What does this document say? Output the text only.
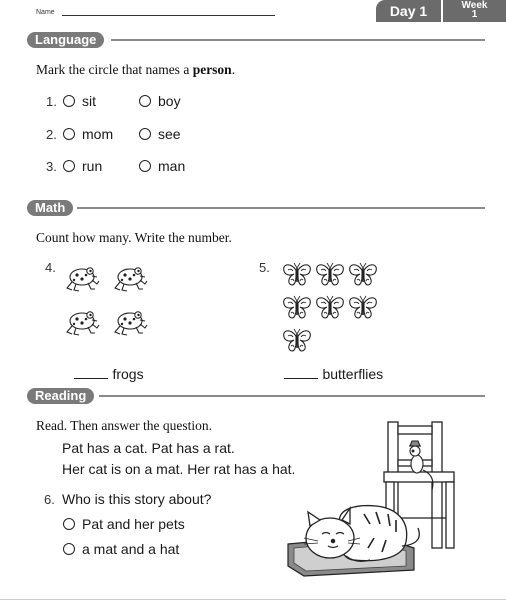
Name	Day 1	Week
1
Language
Mark the circle that names a person.
1. sit	boy
2. mom	see
3. run	man
Math
Count how many. Write the number.
4.	5.
frogs	butterflies
Reading
Read. Then answer the question.
Pat has a cat. Pat has a rat.
Her cat is on a mat. Her rat has a hat.
6. Who is this story about?
Pat and her pets
a mat and a hat
